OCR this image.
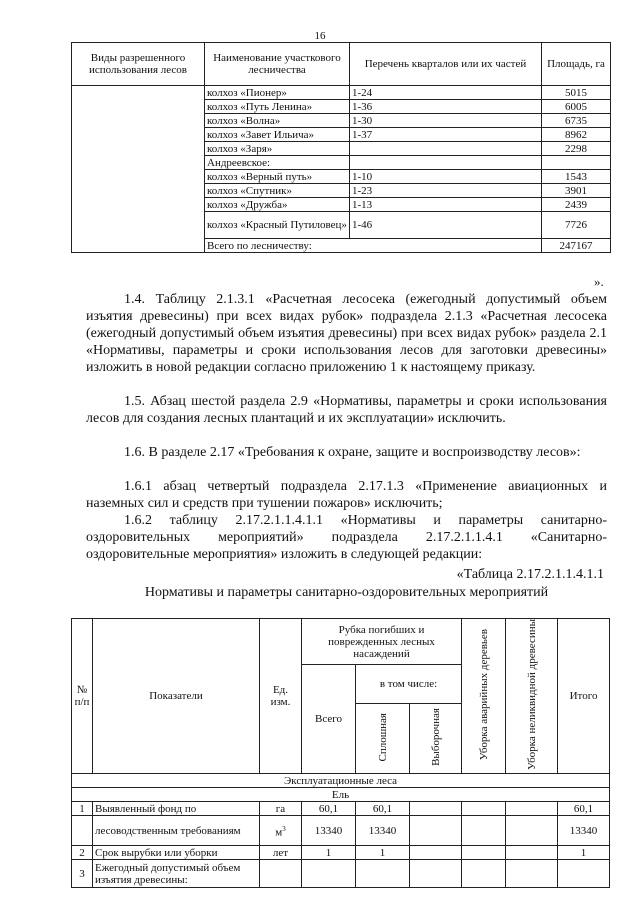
16
Виды разрешенного использования лесов	Наименование участкового лесничества	Перечень кварталов или их частей	Площадь, га
	колхоз «Пионер»	1-24	5015
	колхоз «Путь Ленина»	1-36	6005
	колхоз «Волна»	1-30	6735
	колхоз «Завет Ильича»	1-37	8962
	колхоз «Заря»		2298
	Андреевское:		
	колхоз «Верный путь»	1-10	1543
	колхоз «Спутник»	1-23	3901
	колхоз «Дружба»	1-13	2439
	колхоз «Красный Путиловец»	1-46	7726
	Всего по лесничеству:		247167
».

1.4. Таблицу 2.1.3.1 «Расчетная лесосека (ежегодный допустимый объем изъятия древесины) при всех видах рубок» подраздела 2.1.3 «Расчетная лесосека (ежегодный допустимый объем изъятия древесины) при всех видах рубок» раздела 2.1 «Нормативы, параметры и сроки использования лесов для заготовки древесины» изложить в новой редакции согласно приложению 1 к настоящему приказу.

1.5. Абзац шестой раздела 2.9 «Нормативы, параметры и сроки использования лесов для создания лесных плантаций и их эксплуатации» исключить.

1.6. В разделе 2.17 «Требования к охране, защите и воспроизводству лесов»:

1.6.1 абзац четвертый подраздела 2.17.1.3 «Применение авиационных и наземных сил и средств при тушении пожаров» исключить;

1.6.2 таблицу 2.17.2.1.1.4.1.1 «Нормативы и параметры санитарно-оздоровительных мероприятий» подраздела 2.17.2.1.1.4.1 «Санитарно-оздоровительные мероприятия» изложить в следующей редакции:

«Таблица 2.17.2.1.1.4.1.1
Нормативы и параметры санитарно-оздоровительных мероприятий
№ п/п	Показатели	Ед. изм.	Рубка погибших и поврежденных лесных насаждений			Уборка аварийных деревьев	Уборка неликвидной древесины	Итого
			Всего	в том числе:				
				Сплошная	Выборочная			
Эксплуатационные леса								
Ель								
1	Выявленный фонд по	га	60,1	60,1				60,1
	лесоводственным требованиям	$м^3$	13340	13340				13340
2	Срок вырубки или уборки	лет	1	1				1
3	Ежегодный допустимый объем изъятия древесины:							
